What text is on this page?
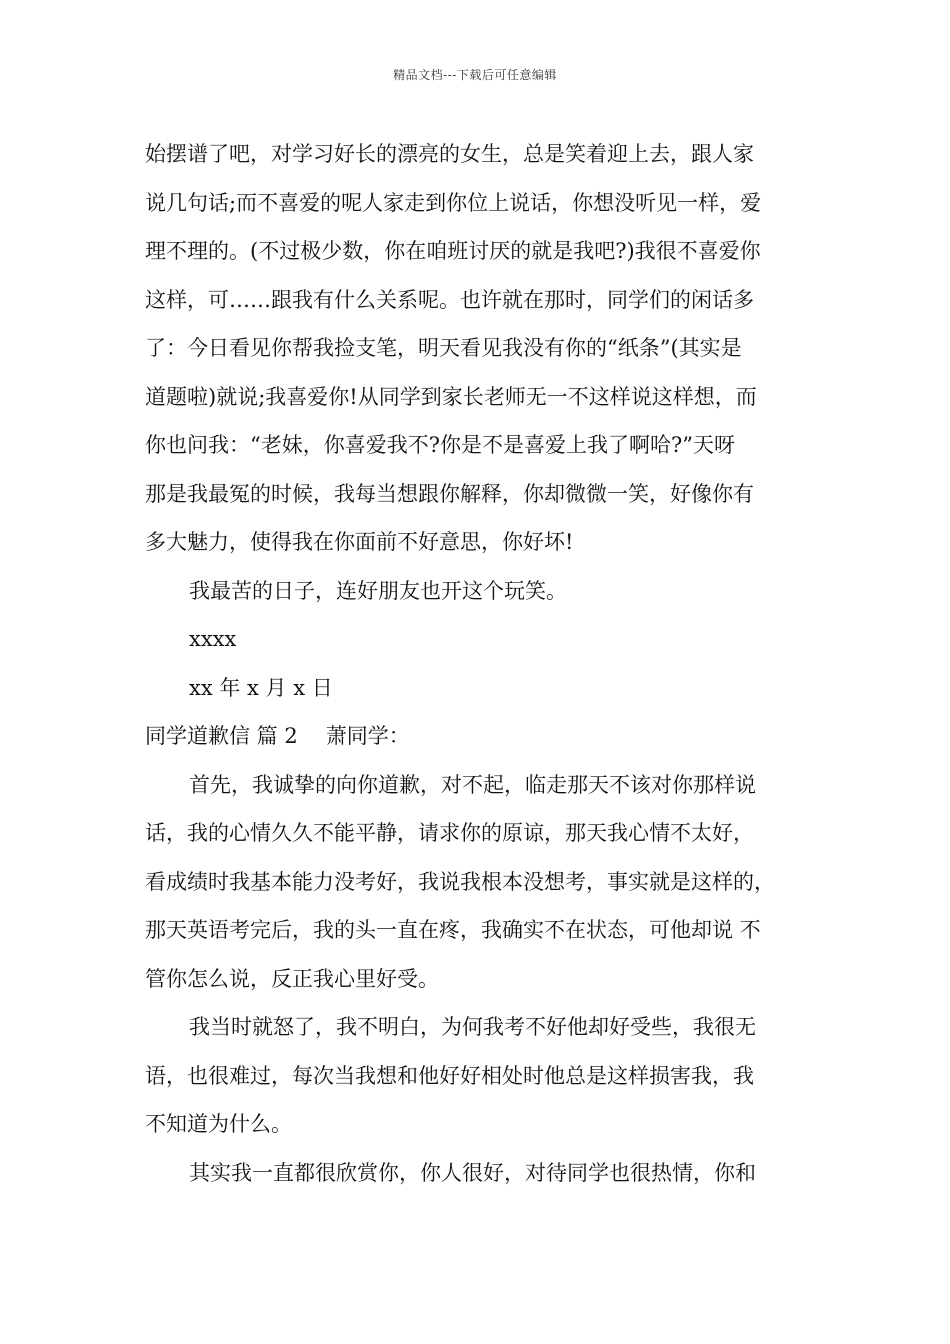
精品文档---下载后可任意编辑
始摆谱了吧，对学习好长的漂亮的女生，总是笑着迎上去，跟人家
说几句话;而不喜爱的呢人家走到你位上说话，你想没听见一样，爱
理不理的。(不过极少数，你在咱班讨厌的就是我吧?)我很不喜爱你
这样，可……跟我有什么关系呢。也许就在那时，同学们的闲话多
了：今日看见你帮我捡支笔，明天看见我没有你的“纸条”(其实是
道题啦)就说;我喜爱你!从同学到家长老师无一不这样说这样想，而
你也问我：“老妹，你喜爱我不?你是不是喜爱上我了啊哈?”天呀
那是我最冤的时候，我每当想跟你解释，你却微微一笑，好像你有
多大魅力，使得我在你面前不好意思，你好坏!
我最苦的日子，连好朋友也开这个玩笑。
xxxx
xx 年 x 月 x 日
同学道歉信 篇 2 萧同学：
首先，我诚挚的向你道歉，对不起，临走那天不该对你那样说
话，我的心情久久不能平静，请求你的原谅，那天我心情不太好，
看成绩时我基本能力没考好，我说我根本没想考，事实就是这样的，
那天英语考完后，我的头一直在疼，我确实不在状态，可他却说 不
管你怎么说，反正我心里好受。
我当时就怒了，我不明白，为何我考不好他却好受些，我很无
语，也很难过，每次当我想和他好好相处时他总是这样损害我，我
不知道为什么。
其实我一直都很欣赏你，你人很好，对待同学也很热情，你和
